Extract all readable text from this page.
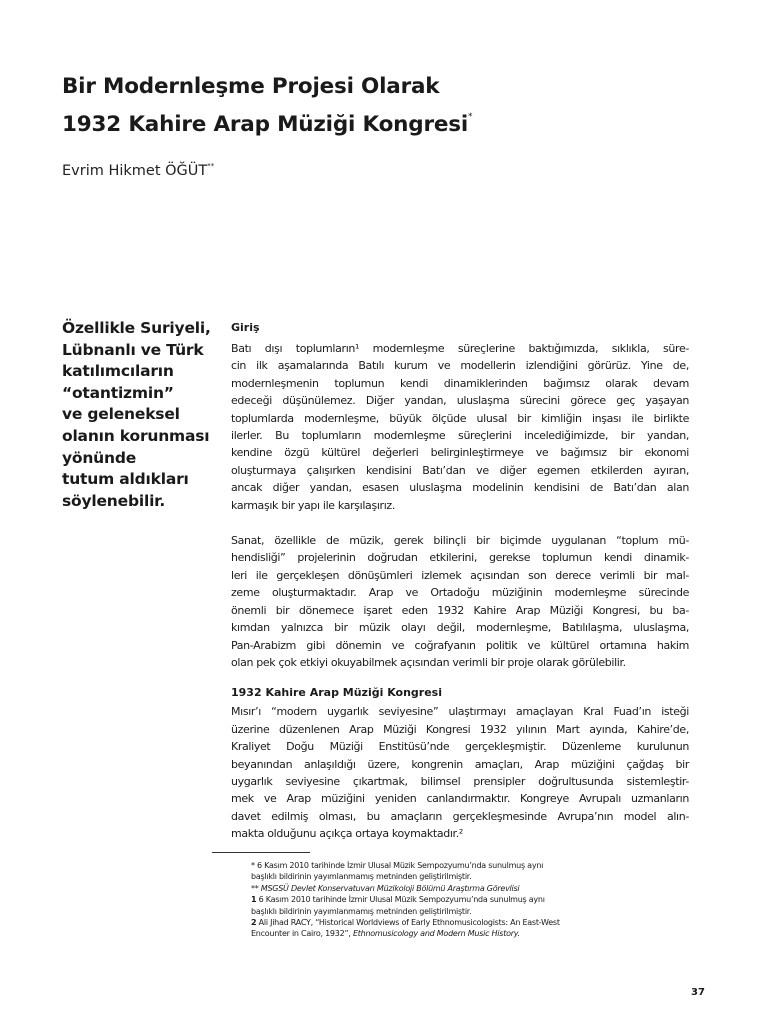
Bir Modernleşme Projesi Olarak
1932 Kahire Arap Müziği Kongresi*
Evrim Hikmet ÖĞÜT**
Özellikle Suriyeli,
Lübnanlı ve Türk
katılımcıların
“otantizmin”
ve geleneksel
olanın korunması
yönünde
tutum aldıkları
söylenebilir.
Giriş
Batı dışı toplumların¹ modernleşme süreçlerine baktığımızda, sıklıkla, süre-
cin ilk aşamalarında Batılı kurum ve modellerin izlendiğini görürüz. Yine de,
modernleşmenin toplumun kendi dinamiklerinden bağımsız olarak devam
edeceği düşünülemez. Diğer yandan, uluslaşma sürecini görece geç yaşayan
toplumlarda modernleşme, büyük ölçüde ulusal bir kimliğin inşası ile birlikte
ilerler. Bu toplumların modernleşme süreçlerini incelediğimizde, bir yandan,
kendine özgü kültürel değerleri belirginleştirmeye ve bağımsız bir ekonomi
oluşturmaya çalışırken kendisini Batı’dan ve diğer egemen etkilerden ayıran,
ancak diğer yandan, esasen uluslaşma modelinin kendisini de Batı’dan alan
karmaşık bir yapı ile karşılaşırız.
Sanat, özellikle de müzik, gerek bilinçli bir biçimde uygulanan “toplum mü-
hendisliği” projelerinin doğrudan etkilerini, gerekse toplumun kendi dinamik-
leri ile gerçekleşen dönüşümleri izlemek açısından son derece verimli bir mal-
zeme oluşturmaktadır. Arap ve Ortadoğu müziğinin modernleşme sürecinde
önemli bir dönemece işaret eden 1932 Kahire Arap Müziği Kongresi, bu ba-
kımdan yalnızca bir müzik olayı değil, modernleşme, Batılılaşma, uluslaşma,
Pan-Arabizm gibi dönemin ve coğrafyanın politik ve kültürel ortamına hakim
olan pek çok etkiyi okuyabilmek açısından verimli bir proje olarak görülebilir.
1932 Kahire Arap Müziği Kongresi
Mısır’ı “modern uygarlık seviyesine” ulaştırmayı amaçlayan Kral Fuad’ın isteği
üzerine düzenlenen Arap Müziği Kongresi 1932 yılının Mart ayında, Kahire’de,
Kraliyet Doğu Müziği Enstitüsü’nde gerçekleşmiştir. Düzenleme kurulunun
beyanından anlaşıldığı üzere, kongrenin amaçları, Arap müziğini çağdaş bir
uygarlık seviyesine çıkartmak, bilimsel prensipler doğrultusunda sistemleştir-
mek ve Arap müziğini yeniden canlandırmaktır. Kongreye Avrupalı uzmanların
davet edilmiş olması, bu amaçların gerçekleşmesinde Avrupa’nın model alın-
makta olduğunu açıkça ortaya koymaktadır.²
* 6 Kasım 2010 tarihinde İzmir Ulusal Müzik Sempozyumu’nda sunulmuş aynı
başlıklı bildirinin yayımlanmamış metninden geliştirilmiştir.
** MSGSÜ Devlet Konservatuvarı Müzikoloji Bölümü Araştırma Görevlisi
1 6 Kasım 2010 tarihinde İzmir Ulusal Müzik Sempozyumu’nda sunulmuş aynı
başlıklı bildirinin yayımlanmamış metninden geliştirilmiştir.
2 Ali Jihad RACY, “Historical Worldviews of Early Ethnomusicologists: An East-West
Encounter in Cairo, 1932”, Ethnomusicology and Modern Music History.
37
